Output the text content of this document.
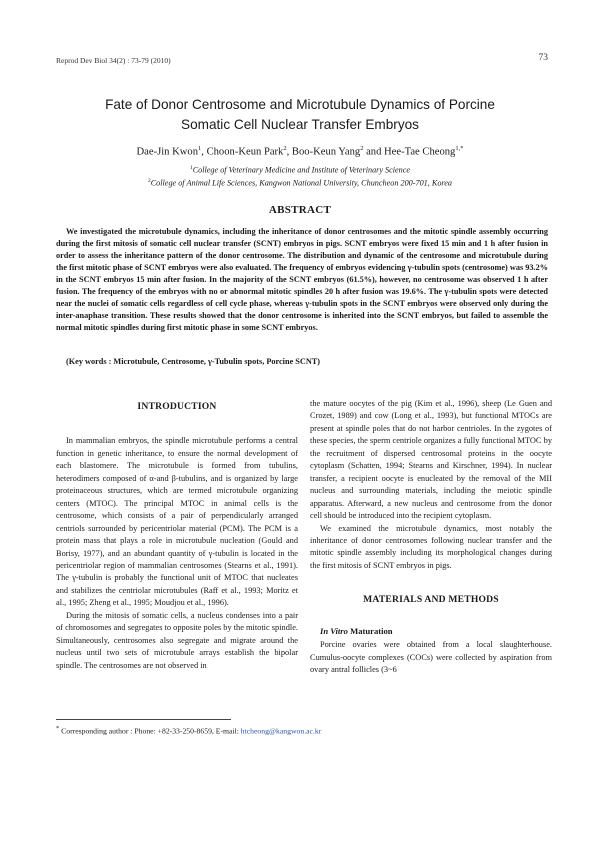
Reprod Dev Biol 34(2) : 73-79 (2010)	73
Fate of Donor Centrosome and Microtubule Dynamics of Porcine
Somatic Cell Nuclear Transfer Embryos
Dae-Jin Kwon$^1$, Choon-Keun Park$^2$, Boo-Keun Yang$^2$ and Hee-Tae Cheong$^{1,*}$
$^1$College of Veterinary Medicine and Institute of Veterinary Science
$^2$College of Animal Life Sciences, Kangwon National University, Chuncheon 200-701, Korea
ABSTRACT
We investigated the microtubule dynamics, including the inheritance of donor centrosomes and the mitotic spindle assembly occurring during the first mitosis of somatic cell nuclear transfer (SCNT) embryos in pigs. SCNT embryos were fixed 15 min and 1 h after fusion in order to assess the inheritance pattern of the donor centrosome. The distribution and dynamic of the centrosome and microtubule during the first mitotic phase of SCNT embryos were also evaluated. The frequency of embryos evidencing γ-tubulin spots (centrosome) was 93.2% in the SCNT embryos 15 min after fusion. In the majority of the SCNT embryos (61.5%), however, no centrosome was observed 1 h after fusion. The frequency of the embryos with no or abnormal mitotic spindles 20 h after fusion was 19.6%. The γ-tubulin spots were detected near the nuclei of somatic cells regardless of cell cycle phase, whereas γ-tubulin spots in the SCNT embryos were observed only during the inter-anaphase transition. These results showed that the donor centrosome is inherited into the SCNT embryos, but failed to assemble the normal mitotic spindles during first mitotic phase in some SCNT embryos.
(Key words : Microtubule, Centrosome, γ-Tubulin spots, Porcine SCNT)
INTRODUCTION

In mammalian embryos, the spindle microtubule performs a central function in genetic inheritance, to ensure the normal development of each blastomere. The microtubule is formed from tubulins, heterodimers composed of α-and β-tubulins, and is organized by large proteinaceous structures, which are termed microtubule organizing centers (MTOC). The principal MTOC in animal cells is the centrosome, which consists of a pair of perpendicularly arranged centriols surrounded by pericentriolar material (PCM). The PCM is a protein mass that plays a role in microtubule nucleation (Gould and Borisy, 1977), and an abundant quantity of γ-tubulin is located in the pericentriolar region of mammalian centrosomes (Stearns et al., 1991). The γ-tubulin is probably the functional unit of MTOC that nucleates and stabilizes the centriolar microtubules (Raff et al., 1993; Moritz et al., 1995; Zheng et al., 1995; Moudjou et al., 1996).

During the mitosis of somatic cells, a nucleus condenses into a pair of chromosomes and segregates to opposite poles by the mitotic spindle. Simultaneously, centrosomes also segregate and migrate around the nucleus until two sets of microtubule arrays establish the bipolar spindle. The centrosomes are not observed in

the mature oocytes of the pig (Kim et al., 1996), sheep (Le Guen and Crozet, 1989) and cow (Long et al., 1993), but functional MTOCs are present at spindle poles that do not harbor centrioles. In the zygotes of these species, the sperm centriole organizes a fully functional MTOC by the recruitment of dispersed centrosomal proteins in the oocyte cytoplasm (Schatten, 1994; Stearns and Kirschner, 1994). In nuclear transfer, a recipient oocyte is enucleated by the removal of the MII nucleus and surrounding materials, including the meiotic spindle apparatus. Afterward, a new nucleus and centrosome from the donor cell should be introduced into the recipient cytoplasm.

We examined the microtubule dynamics, most notably the inheritance of donor centrosomes following nuclear transfer and the mitotic spindle assembly including its morphological changes during the first mitosis of SCNT embryos in pigs.

MATERIALS AND METHODS
In Vitro Maturation

Porcine ovaries were obtained from a local slaughterhouse. Cumulus-oocyte complexes (COCs) were collected by aspiration from ovary antral follicles (3~6

* Corresponding author : Phone: +82-33-250-8659, E-mail: htcheong@kangwon.ac.kr
